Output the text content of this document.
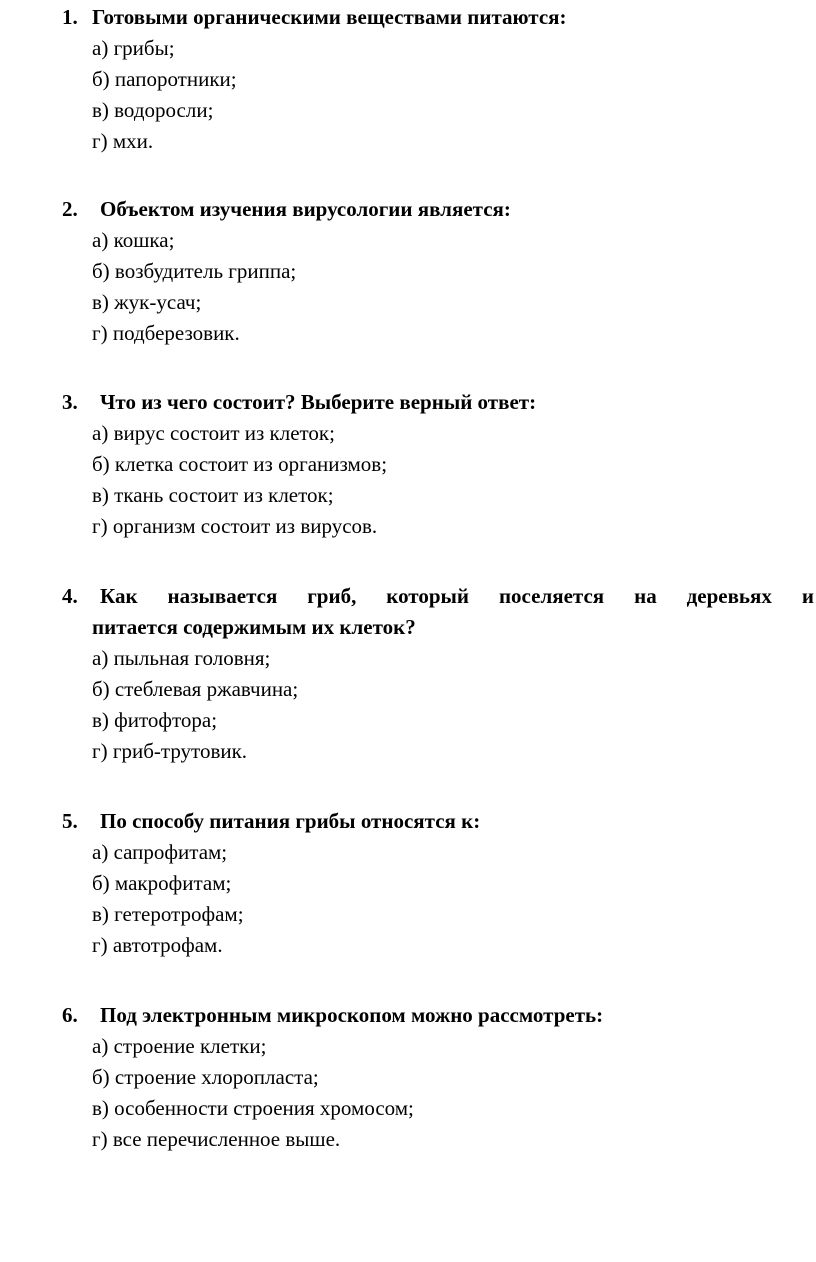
1. Готовыми органическими веществами питаются:
а) грибы;
б) папоротники;
в) водоросли;
г) мхи.
2. Объектом изучения вирусологии является:
а) кошка;
б) возбудитель гриппа;
в) жук-усач;
г) подберезовик.
3. Что из чего состоит? Выберите верный ответ:
а) вирус состоит из клеток;
б) клетка состоит из организмов;
в) ткань состоит из клеток;
г) организм состоит из вирусов.
4. Как называется гриб, который поселяется на деревьях и
питается содержимым их клеток?
а) пыльная головня;
б) стеблевая ржавчина;
в) фитофтора;
г) гриб-трутовик.
5. По способу питания грибы относятся к:
а) сапрофитам;
б) макрофитам;
в) гетеротрофам;
г) автотрофам.
6. Под электронным микроскопом можно рассмотреть:
а) строение клетки;
б) строение хлоропласта;
в) особенности строения хромосом;
г) все перечисленное выше.
